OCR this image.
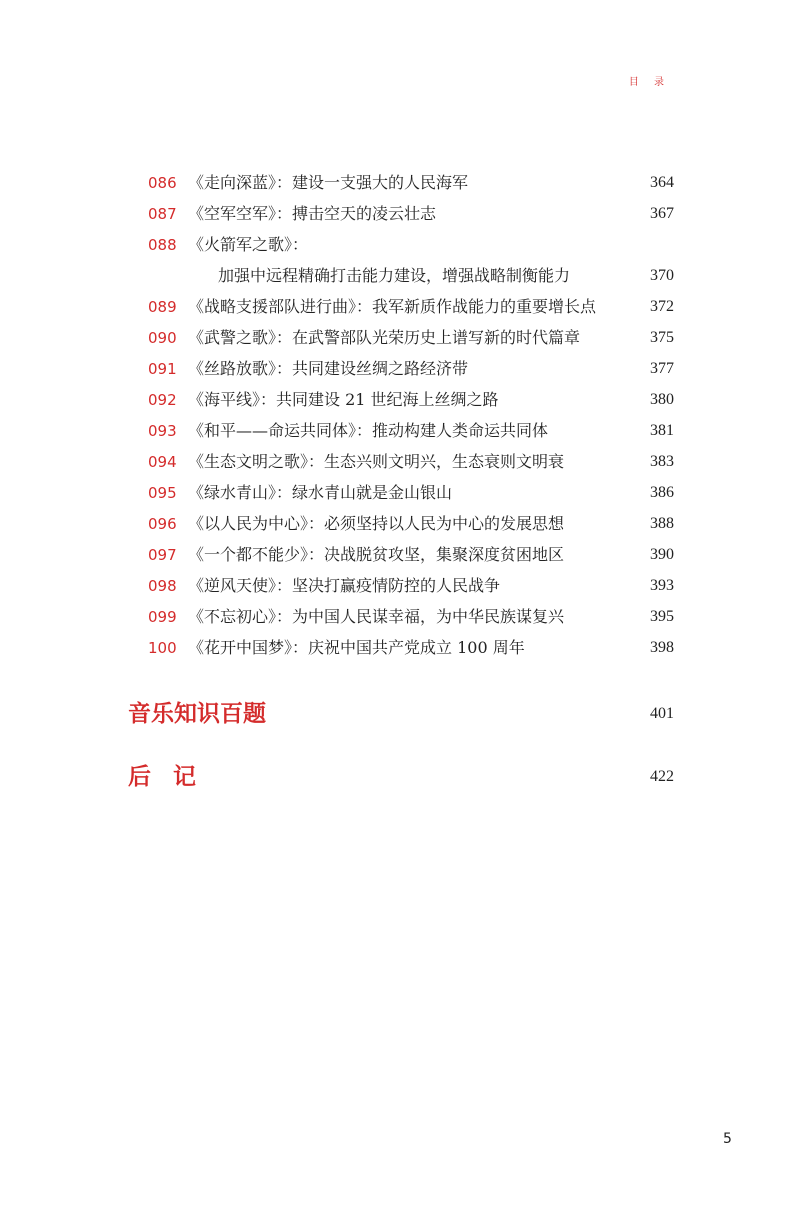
目 录
086 《走向深蓝》：建设一支强大的人民海军	364
087 《空军空军》：搏击空天的凌云壮志	367
088 《火箭军之歌》：
加强中远程精确打击能力建设，增强战略制衡能力	370
089 《战略支援部队进行曲》：我军新质作战能力的重要增长点	372
090 《武警之歌》：在武警部队光荣历史上谱写新的时代篇章	375
091 《丝路放歌》：共同建设丝绸之路经济带	377
092 《海平线》：共同建设 21 世纪海上丝绸之路	380
093 《和平——命运共同体》：推动构建人类命运共同体	381
094 《生态文明之歌》：生态兴则文明兴，生态衰则文明衰	383
095 《绿水青山》：绿水青山就是金山银山	386
096 《以人民为中心》：必须坚持以人民为中心的发展思想	388
097 《一个都不能少》：决战脱贫攻坚，集聚深度贫困地区	390
098 《逆风天使》：坚决打赢疫情防控的人民战争	393
099 《不忘初心》：为中国人民谋幸福，为中华民族谋复兴	395
100 《花开中国梦》：庆祝中国共产党成立 100 周年	398
音乐知识百题	401
后记	422
5
